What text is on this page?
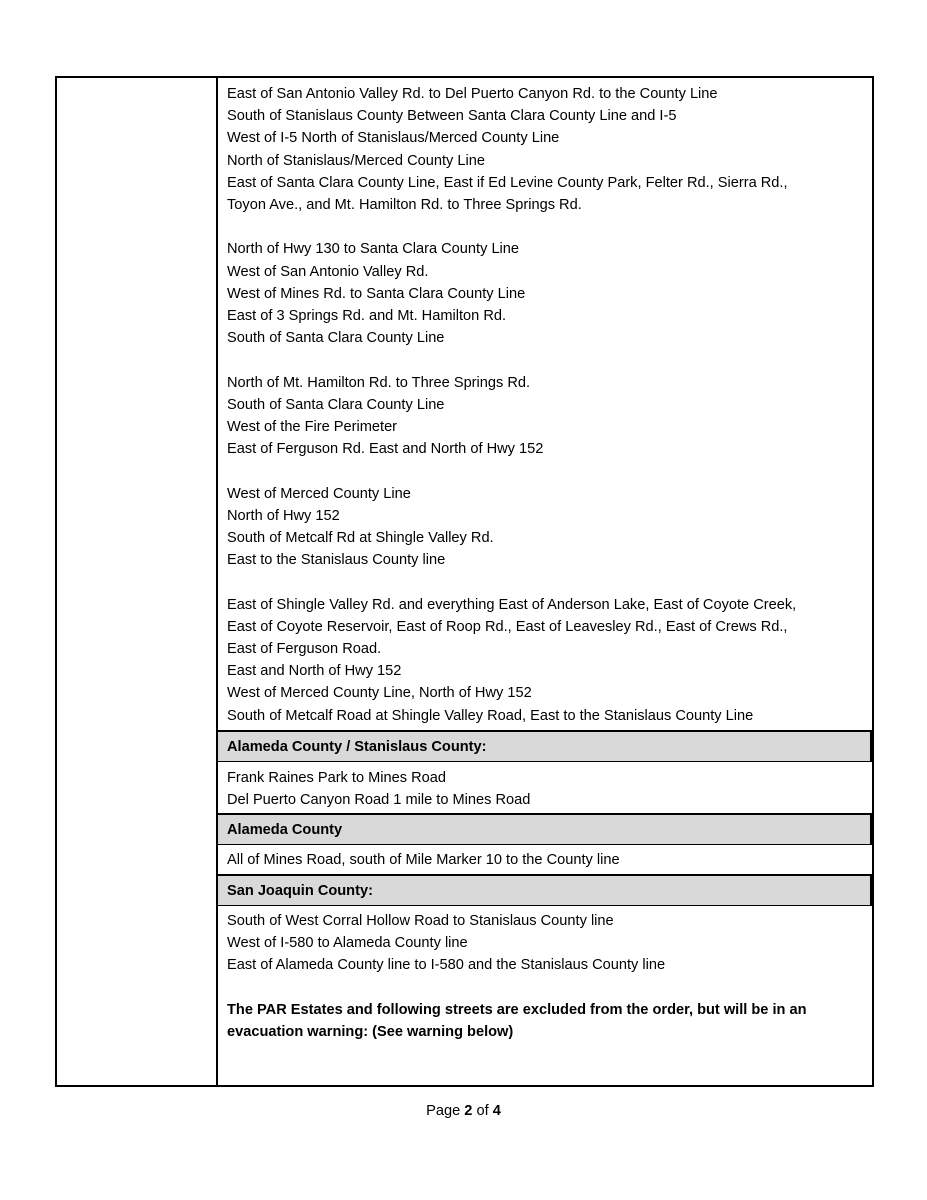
East of San Antonio Valley Rd. to Del Puerto Canyon Rd. to the County Line
South of Stanislaus County Between Santa Clara County Line and I-5
West of I-5 North of Stanislaus/Merced County Line
North of Stanislaus/Merced County Line
East of Santa Clara County Line, East if Ed Levine County Park, Felter Rd., Sierra Rd.,
Toyon Ave., and Mt. Hamilton Rd. to Three Springs Rd.
North of Hwy 130 to Santa Clara County Line
West of San Antonio Valley Rd.
West of Mines Rd. to Santa Clara County Line
East of 3 Springs Rd. and Mt. Hamilton Rd.
South of Santa Clara County Line
North of Mt. Hamilton Rd. to Three Springs Rd.
South of Santa Clara County Line
West of the Fire Perimeter
East of Ferguson Rd. East and North of Hwy 152
West of Merced County Line
North of Hwy 152
South of Metcalf Rd at Shingle Valley Rd.
East to the Stanislaus County line
East of Shingle Valley Rd. and everything East of Anderson Lake, East of Coyote Creek,
East of Coyote Reservoir, East of Roop Rd., East of Leavesley Rd., East of Crews Rd.,
East of Ferguson Road.
East and North of Hwy 152
West of Merced County Line, North of Hwy 152
South of Metcalf Road at Shingle Valley Road, East to the Stanislaus County Line
Alameda County / Stanislaus County:
Frank Raines Park to Mines Road
Del Puerto Canyon Road 1 mile to Mines Road
Alameda County
All of Mines Road, south of Mile Marker 10 to the County line
San Joaquin County:
South of West Corral Hollow Road to Stanislaus County line
West of I-580 to Alameda County line
East of Alameda County line to I-580 and the Stanislaus County line
The PAR Estates and following streets are excluded from the order, but will be in an
evacuation warning: (See warning below)
Page 2 of 4
